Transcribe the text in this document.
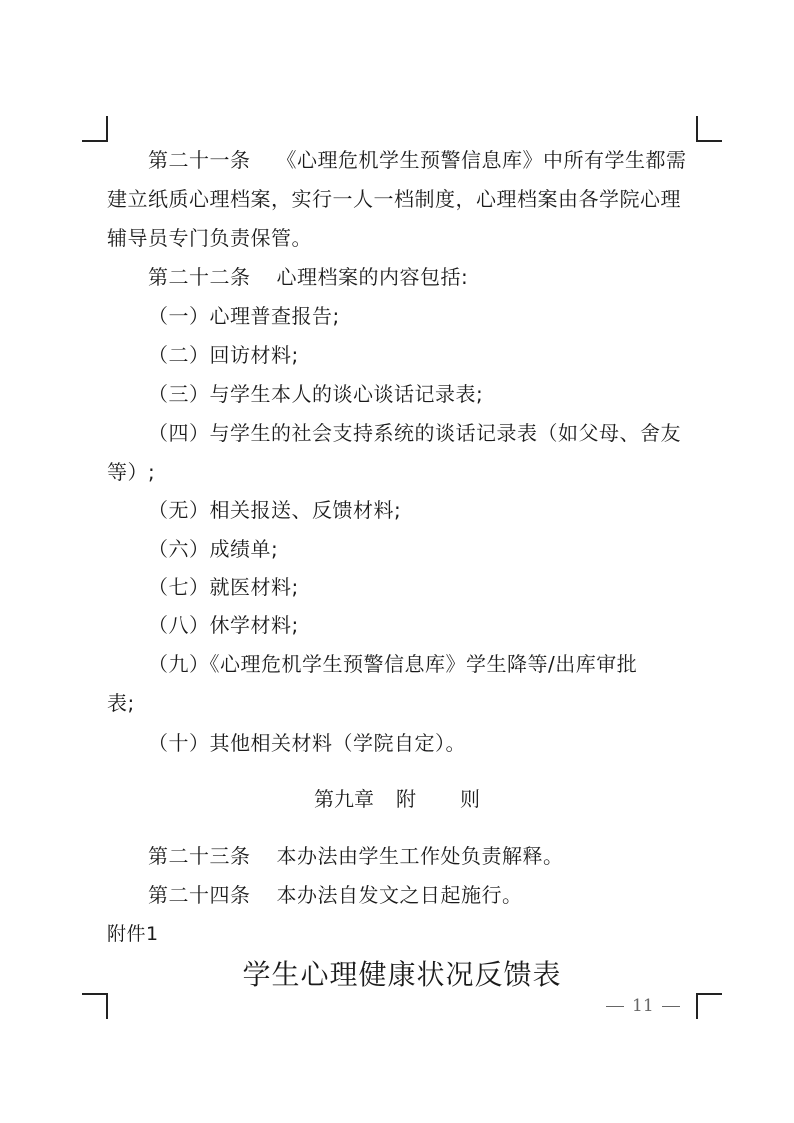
第二十一条 《心理危机学生预警信息库》中所有学生都需
建立纸质心理档案，实行一人一档制度，心理档案由各学院心理
辅导员专门负责保管。
第二十二条 心理档案的内容包括:
（一）心理普查报告;
（二）回访材料;
（三）与学生本人的谈心谈话记录表;
（四）与学生的社会支持系统的谈话记录表（如父母、舍友
等）;
（无）相关报送、反馈材料;
（六）成绩单;
（七）就医材料;
（八）休学材料;
（九）《心理危机学生预警信息库》学生降等/出库审批
表;
（十）其他相关材料（学院自定）。
第九章 附 则
第二十三条 本办法由学生工作处负责解释。
第二十四条 本办法自发文之日起施行。
附件1
学生心理健康状况反馈表
11
